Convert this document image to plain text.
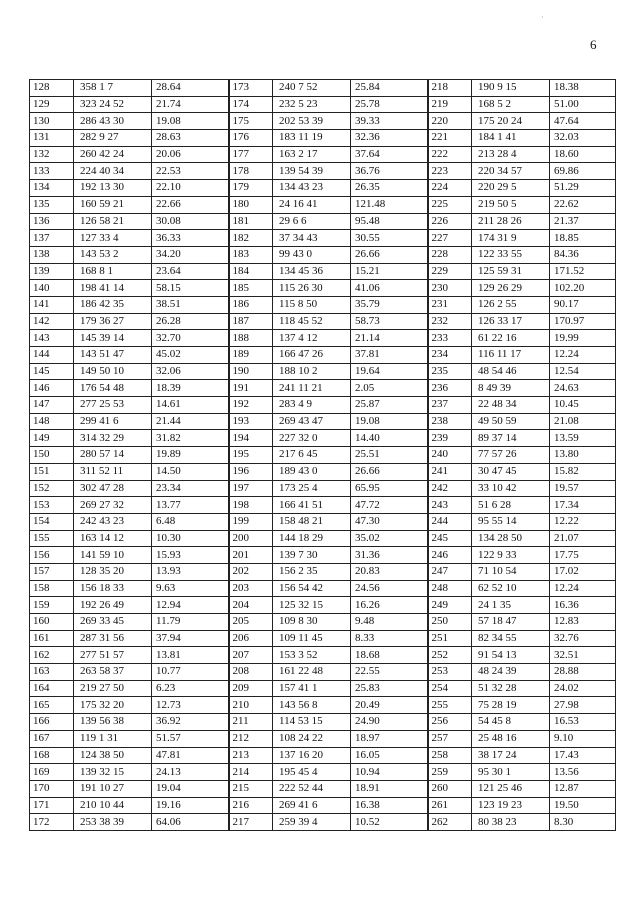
·
6
128	358 1 7	28.64	173	240 7 52	25.84	218	190 9 15	18.38
129	323 24 52	21.74	174	232 5 23	25.78	219	168 5 2	51.00
130	286 43 30	19.08	175	202 53 39	39.33	220	175 20 24	47.64
131	282 9 27	28.63	176	183 11 19	32.36	221	184 1 41	32.03
132	260 42 24	20.06	177	163 2 17	37.64	222	213 28 4	18.60
133	224 40 34	22.53	178	139 54 39	36.76	223	220 34 57	69.86
134	192 13 30	22.10	179	134 43 23	26.35	224	220 29 5	51.29
135	160 59 21	22.66	180	24 16 41	121.48	225	219 50 5	22.62
136	126 58 21	30.08	181	29 6 6	95.48	226	211 28 26	21.37
137	127 33 4	36.33	182	37 34 43	30.55	227	174 31 9	18.85
138	143 53 2	34.20	183	99 43 0	26.66	228	122 33 55	84.36
139	168 8 1	23.64	184	134 45 36	15.21	229	125 59 31	171.52
140	198 41 14	58.15	185	115 26 30	41.06	230	129 26 29	102.20
141	186 42 35	38.51	186	115 8 50	35.79	231	126 2 55	90.17
142	179 36 27	26.28	187	118 45 52	58.73	232	126 33 17	170.97
143	145 39 14	32.70	188	137 4 12	21.14	233	61 22 16	19.99
144	143 51 47	45.02	189	166 47 26	37.81	234	116 11 17	12.24
145	149 50 10	32.06	190	188 10 2	19.64	235	48 54 46	12.54
146	176 54 48	18.39	191	241 11 21	2.05	236	8 49 39	24.63
147	277 25 53	14.61	192	283 4 9	25.87	237	22 48 34	10.45
148	299 41 6	21.44	193	269 43 47	19.08	238	49 50 59	21.08
149	314 32 29	31.82	194	227 32 0	14.40	239	89 37 14	13.59
150	280 57 14	19.89	195	217 6 45	25.51	240	77 57 26	13.80
151	311 52 11	14.50	196	189 43 0	26.66	241	30 47 45	15.82
152	302 47 28	23.34	197	173 25 4	65.95	242	33 10 42	19.57
153	269 27 32	13.77	198	166 41 51	47.72	243	51 6 28	17.34
154	242 43 23	6.48	199	158 48 21	47.30	244	95 55 14	12.22
155	163 14 12	10.30	200	144 18 29	35.02	245	134 28 50	21.07
156	141 59 10	15.93	201	139 7 30	31.36	246	122 9 33	17.75
157	128 35 20	13.93	202	156 2 35	20.83	247	71 10 54	17.02
158	156 18 33	9.63	203	156 54 42	24.56	248	62 52 10	12.24
159	192 26 49	12.94	204	125 32 15	16.26	249	24 1 35	16.36
160	269 33 45	11.79	205	109 8 30	9.48	250	57 18 47	12.83
161	287 31 56	37.94	206	109 11 45	8.33	251	82 34 55	32.76
162	277 51 57	13.81	207	153 3 52	18.68	252	91 54 13	32.51
163	263 58 37	10.77	208	161 22 48	22.55	253	48 24 39	28.88
164	219 27 50	6.23	209	157 41 1	25.83	254	51 32 28	24.02
165	175 32 20	12.73	210	143 56 8	20.49	255	75 28 19	27.98
166	139 56 38	36.92	211	114 53 15	24.90	256	54 45 8	16.53
167	119 1 31	51.57	212	108 24 22	18.97	257	25 48 16	9.10
168	124 38 50	47.81	213	137 16 20	16.05	258	38 17 24	17.43
169	139 32 15	24.13	214	195 45 4	10.94	259	95 30 1	13.56
170	191 10 27	19.04	215	222 52 44	18.91	260	121 25 46	12.87
171	210 10 44	19.16	216	269 41 6	16.38	261	123 19 23	19.50
172	253 38 39	64.06	217	259 39 4	10.52	262	80 38 23	8.30
